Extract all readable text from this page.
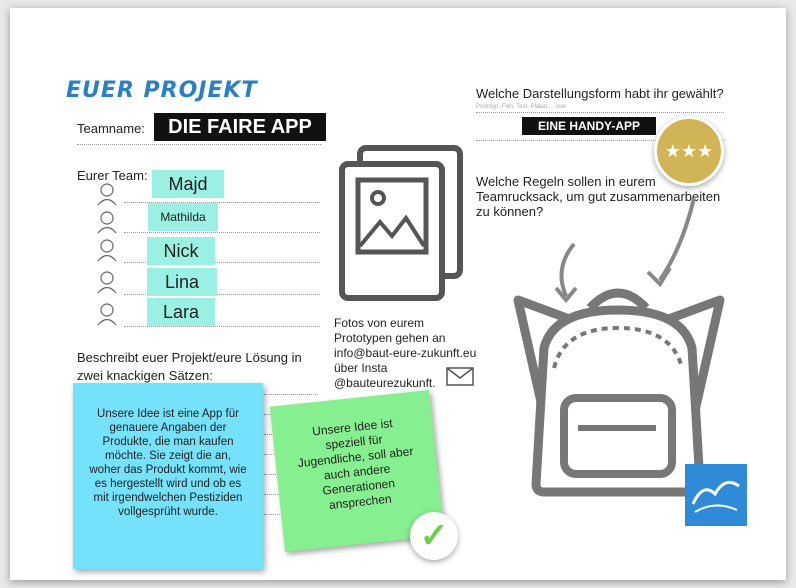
EUER PROJEKT
Teamname:	DIE FAIRE APP
Eurer Team:	Majd
Mathilda
Nick
Lina
Lara
Beschreibt euer Projekt/eure Lösung in zwei knackigen Sätzen:
Unsere Idee ist eine App für genauere Angaben der Produkte, die man kaufen möchte. Sie zeigt die an, woher das Produkt kommt, wie es hergestellt wird und ob es mit irgendwelchen Pestiziden vollgesprüht wurde.
Unsere Idee ist speziell für Jugendliche, soll aber auch andere Generationen ansprechen
✓
Fotos von eurem
Prototypen gehen an
info@baut-eure-zukunft.eu
über Insta
@bauteurezukunft.
Welche Darstellungsform habt ihr gewählt?
Prototyp, Film, Text, Plakat ... usw
EINE HANDY-APP
★★★
Welche Regeln sollen in eurem Teamrucksack, um gut zusammenarbeiten zu können?
